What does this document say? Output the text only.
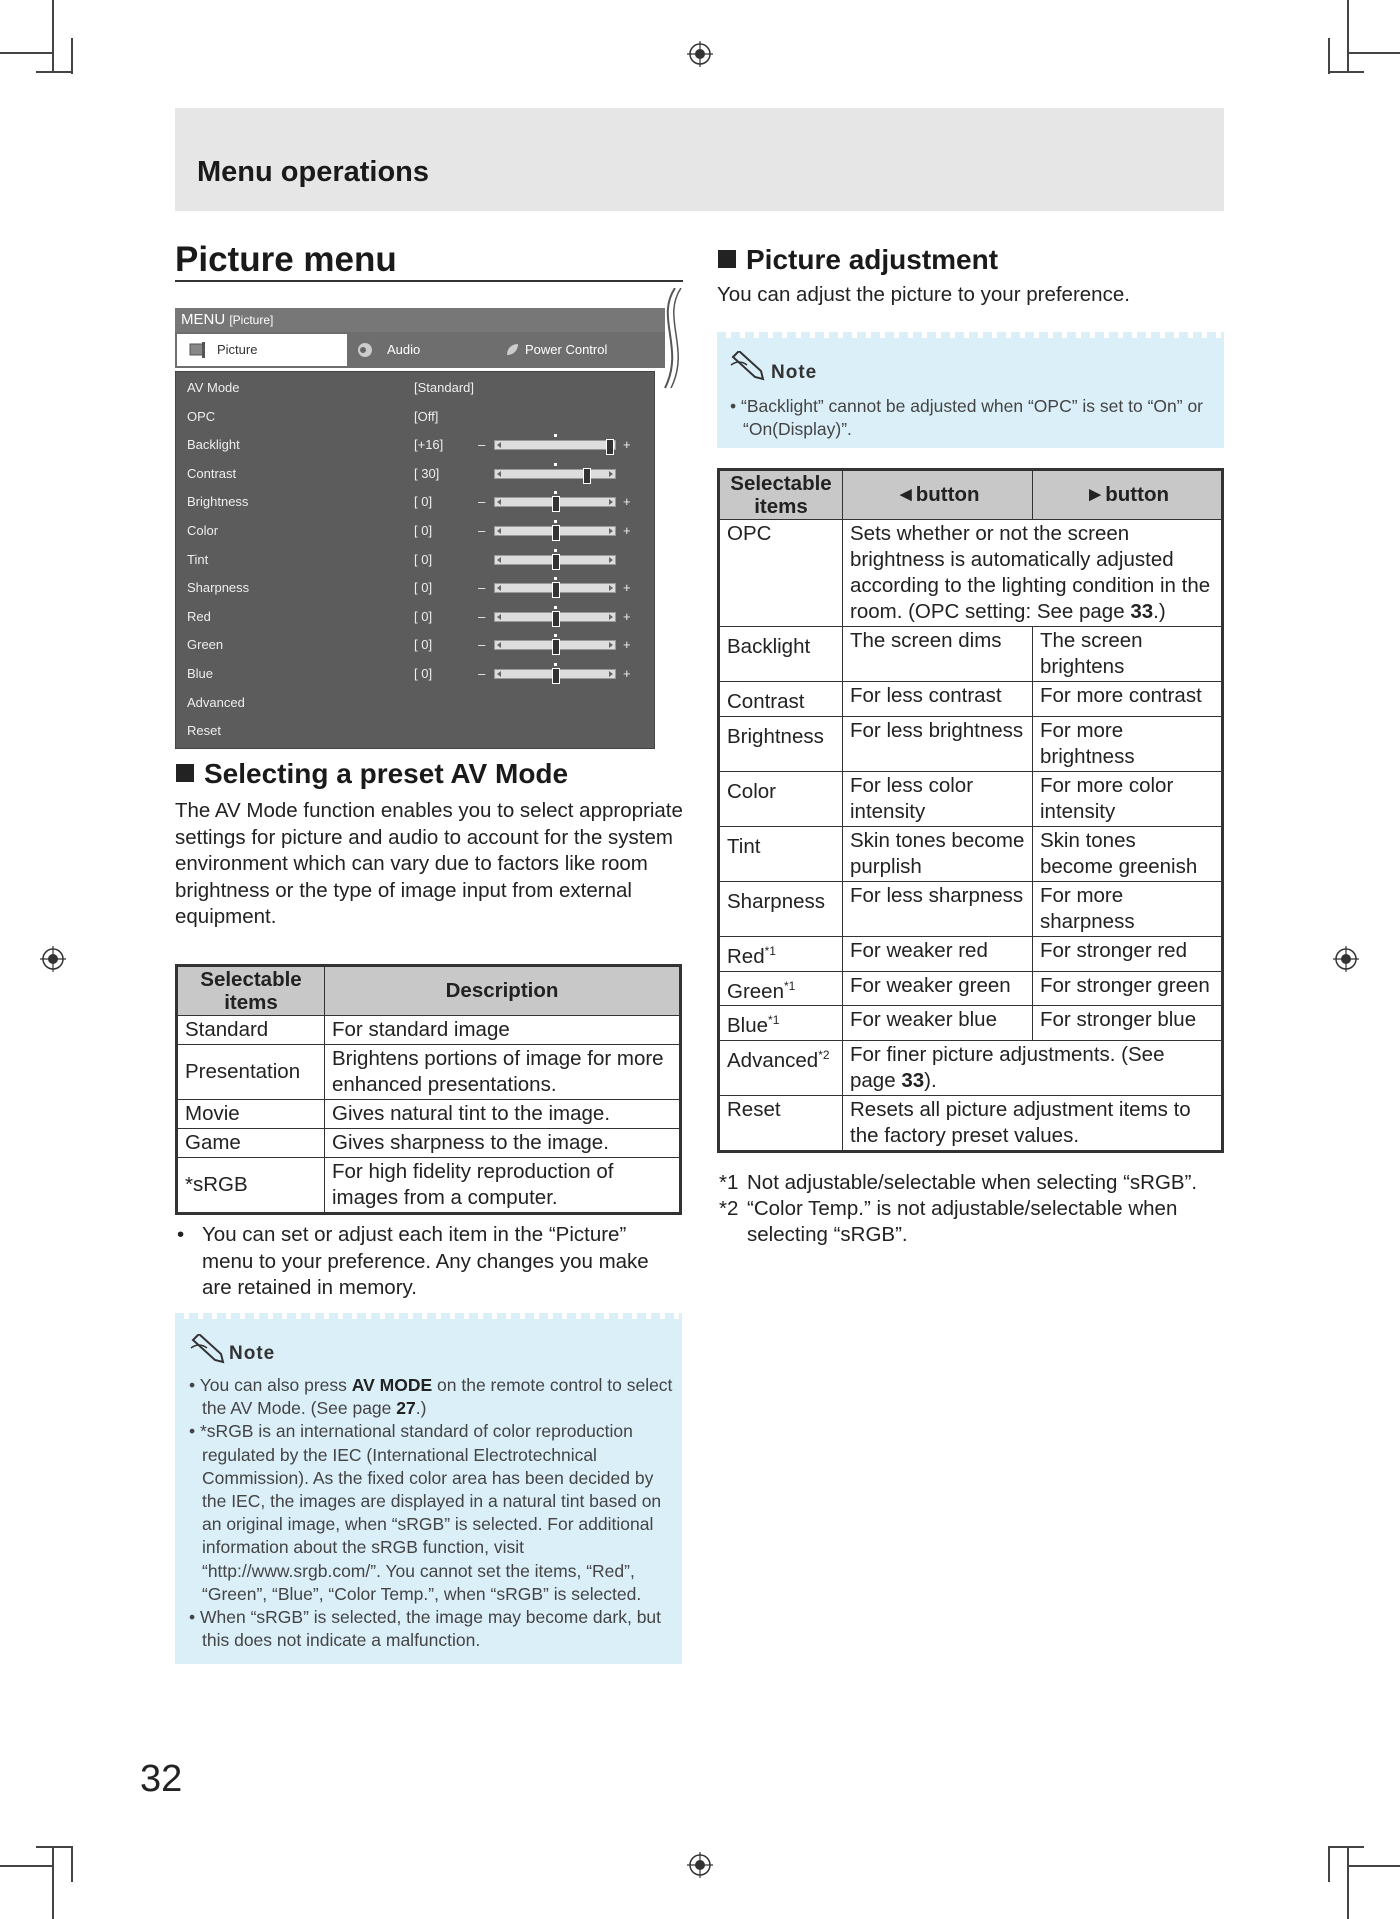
Menu operations
Picture menu
MENU [Picture]
Picture	Audio	Power Control
AV Mode	[Standard]
OPC	[Off]
Backlight	[+16]	–	+
Contrast	[ 30]
Brightness	[ 0]	–	+
Color	[ 0]	–	+
Tint	[ 0]
Sharpness	[ 0]	–	+
Red	[ 0]	–	+
Green	[ 0]	–	+
Blue	[ 0]	–	+
Advanced
Reset
Selecting a preset AV Mode
The AV Mode function enables you to select appropriate settings for picture and audio to account for the system environment which can vary due to factors like room brightness or the type of image input from external equipment.
Selectable items	Description
Standard	For standard image
Presentation	Brightens portions of image for more enhanced presentations.
Movie	Gives natural tint to the image.
Game	Gives sharpness to the image.
*sRGB	For high fidelity reproduction of images from a computer.
• You can set or adjust each item in the “Picture” menu to your preference. Any changes you make are retained in memory.
Note
• You can also press AV MODE on the remote control to select the AV Mode. (See page 27.)
• *sRGB is an international standard of color reproduction regulated by the IEC (International Electrotechnical Commission). As the fixed color area has been decided by the IEC, the images are displayed in a natural tint based on an original image, when “sRGB” is selected. For additional information about the sRGB function, visit “http://www.srgb.com/”. You cannot set the items, “Red”, “Green”, “Blue”, “Color Temp.”, when “sRGB” is selected.
• When “sRGB” is selected, the image may become dark, but this does not indicate a malfunction.
32
Picture adjustment
You can adjust the picture to your preference.
Note
• “Backlight” cannot be adjusted when “OPC” is set to “On” or “On(Display)”.
Selectable items	◄button	►button
OPC	Sets whether or not the screen brightness is automatically adjusted according to the lighting condition in the room. (OPC setting: See page 33.)	
Backlight	The screen dims	The screen brightens
Contrast	For less contrast	For more contrast
Brightness	For less brightness	For more brightness
Color	For less color intensity	For more color intensity
Tint	Skin tones become purplish	Skin tones become greenish
Sharpness	For less sharpness	For more sharpness
Red$^{*1}$	For weaker red	For stronger red
Green$^{*1}$	For weaker green	For stronger green
Blue$^{*1}$	For weaker blue	For stronger blue
Advanced$^{*2}$	For finer picture adjustments. (See page 33).	
Reset	Resets all picture adjustment items to the factory preset values.	
*1 Not adjustable/selectable when selecting “sRGB”.
*2 “Color Temp.” is not adjustable/selectable when selecting “sRGB”.
